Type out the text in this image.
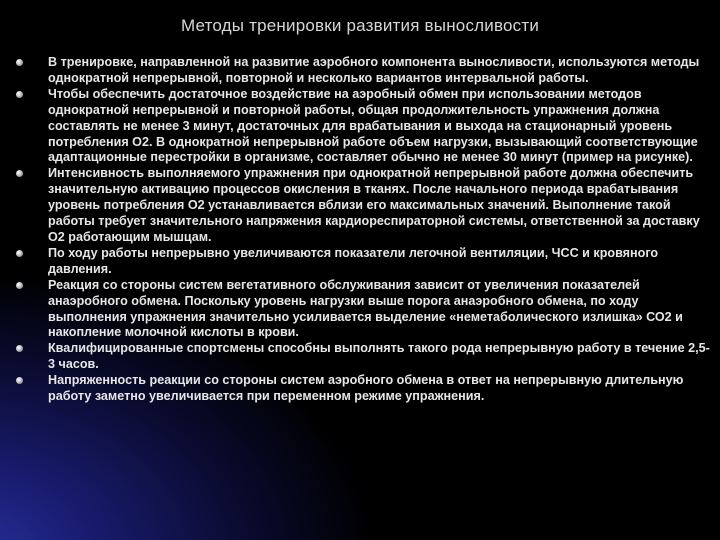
Методы тренировки развития выносливости
В тренировке, направленной на развитие аэробного компонента выносливости, используются методы однократной непрерывной, повторной и несколько вариантов интервальной работы.
Чтобы обеспечить достаточное воздействие на аэробный обмен при использовании методов однократной непрерывной и повторной работы, общая продолжительность упражнения должна составлять не менее 3 минут, достаточных для врабатывания и выхода на стационарный уровень потребления О2. В однократной непрерывной работе объем нагрузки, вызывающий соответствующие адаптационные перестройки в организме, составляет обычно не менее 30 минут (пример на рисунке).
Интенсивность выполняемого упражнения при однократной непрерывной работе должна обеспечить значительную активацию процессов окисления в тканях. После начального периода врабатывания уровень потребления О2 устанавливается вблизи его максимальных значений. Выполнение такой работы требует значительного напряжения кардиореспираторной системы, ответственной за доставку О2 работающим мышцам.
По ходу работы непрерывно увеличиваются показатели легочной вентиляции, ЧСС и кровяного давления.
Реакция со стороны систем вегетативного обслуживания зависит от увеличения показателей анаэробного обмена. Поскольку уровень нагрузки выше порога анаэробного обмена, по ходу выполнения упражнения значительно усиливается выделение «неметаболического излишка» СО2 и накопление молочной кислоты в крови.
Квалифицированные спортсмены способны выполнять такого рода непрерывную работу в течение 2,5-3 часов.
Напряженность реакции со стороны систем аэробного обмена в ответ на непрерывную длительную работу заметно увеличивается при переменном режиме упражнения.
